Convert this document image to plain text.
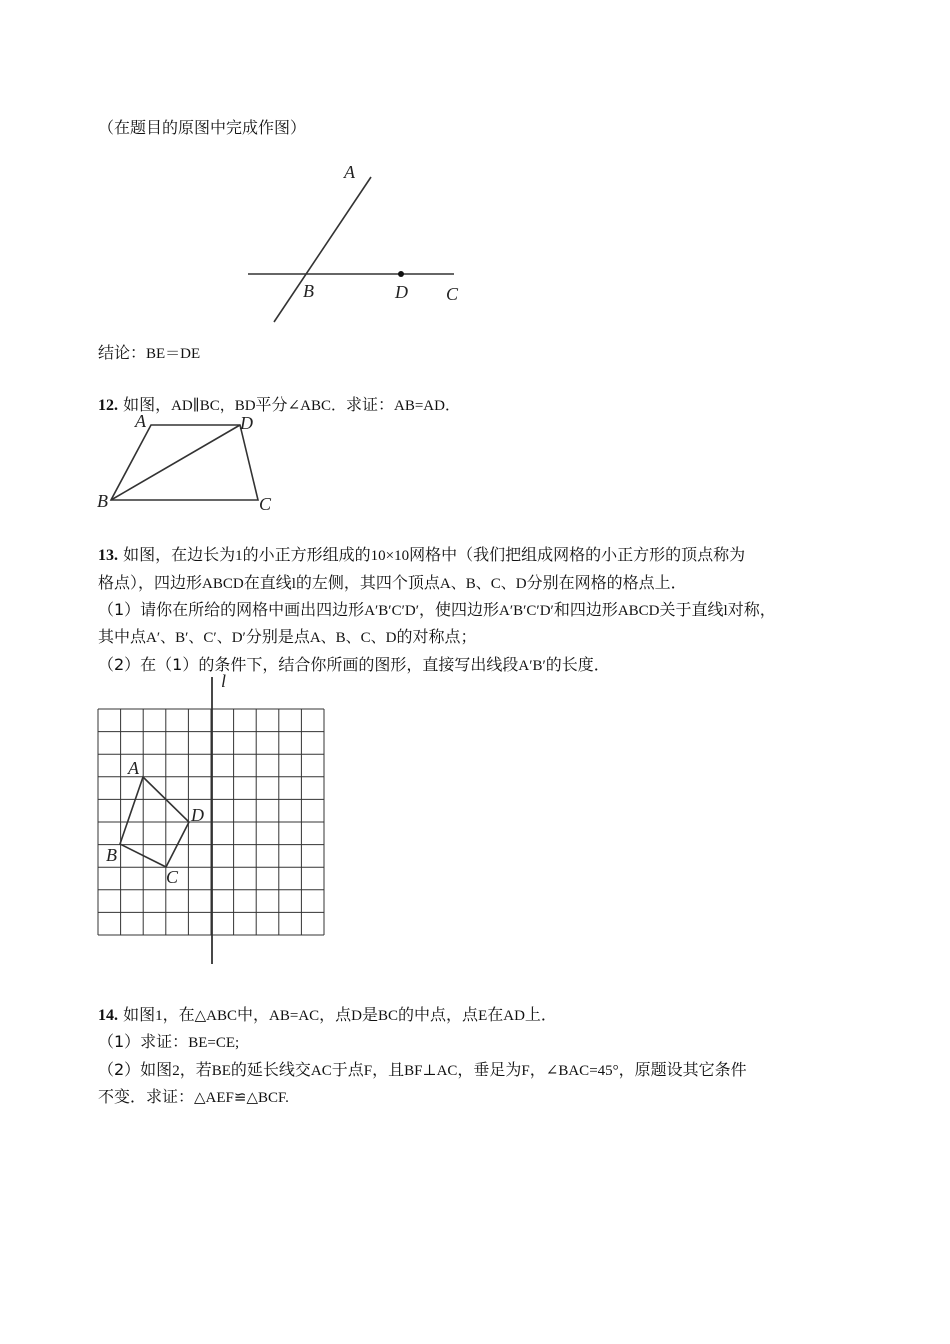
（在题目的原图中完成作图）
A
B	D C
结论：BE＝DE
12. 如图，AD∥BC，BD平分∠ABC．求证：AB=AD．
A	D
B	C
13. 如图，在边长为1的小正方形组成的10×10网格中（我们把组成网格的小正方形的顶点称为
格点），四边形ABCD在直线l的左侧，其四个顶点A、B、C、D分别在网格的格点上．
（1）请你在所给的网格中画出四边形A′B′C′D′，使四边形A′B′C′D′和四边形ABCD关于直线l对称，
其中点A′、B′、C′、D′分别是点A、B、C、D的对称点；
（2）在（1）的条件下，结合你所画的图形，直接写出线段A′B′的长度．
l
A
D
B
C
14. 如图1，在△ABC中，AB=AC，点D是BC的中点，点E在AD上．
（1）求证：BE=CE;
（2）如图2，若BE的延长线交AC于点F，且BF⊥AC，垂足为F，∠BAC=45°，原题设其它条件
不变．求证：△AEF≌△BCF.
